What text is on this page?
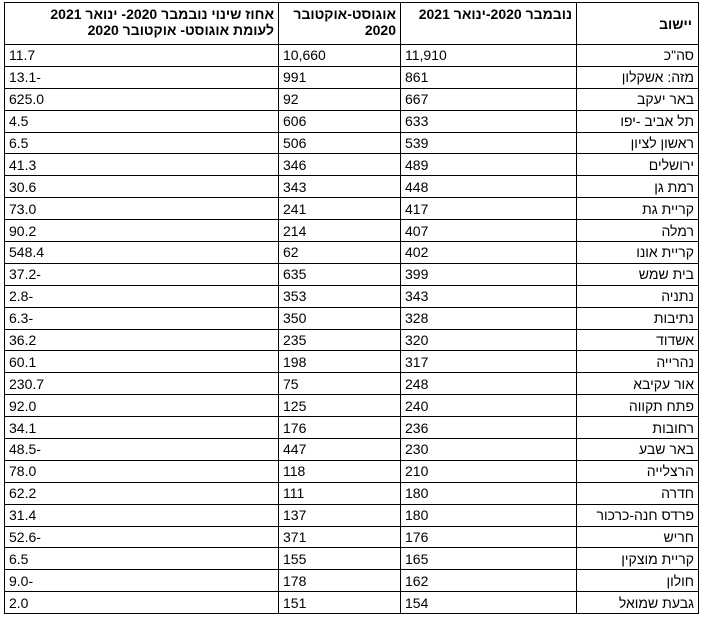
יישוב	נובמבר 2020-ינואר 2021	אוגוסט-אוקטובר 2020	אחוז שינוי נובמבר 2020- ינואר 2021 לעומת אוגוסט- אוקטובר 2020
סה"כ	11,910	10,660	11.7
מזה: אשקלון	861	991	-13.1
באר יעקב	667	92	625.0
תל אביב -יפו	633	606	4.5
ראשון לציון	539	506	6.5
ירושלים	489	346	41.3
רמת גן	448	343	30.6
קריית גת	417	241	73.0
רמלה	407	214	90.2
קריית אונו	402	62	548.4
בית שמש	399	635	-37.2
נתניה	343	353	-2.8
נתיבות	328	350	-6.3
אשדוד	320	235	36.2
נהרייה	317	198	60.1
אור עקיבא	248	75	230.7
פתח תקווה	240	125	92.0
רחובות	236	176	34.1
באר שבע	230	447	-48.5
הרצלייה	210	118	78.0
חדרה	180	111	62.2
פרדס חנה-כרכור	180	137	31.4
חריש	176	371	-52.6
קריית מוצקין	165	155	6.5
חולון	162	178	-9.0
גבעת שמואל	154	151	2.0
